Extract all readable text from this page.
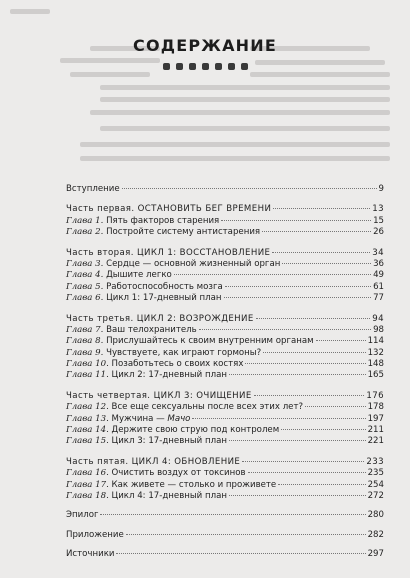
СОДЕРЖАНИЕ
Вступление	9
Часть первая. ОСТАНОВИТЬ БЕГ ВРЕМЕНИ	13
Глава 1. Пять факторов старения	15
Глава 2. Постройте систему антистарения	26
Часть вторая. ЦИКЛ 1: ВОССТАНОВЛЕНИЕ	34
Глава 3. Сердце — основной жизненный орган	36
Глава 4. Дышите легко	49
Глава 5. Работоспособность мозга	61
Глава 6. Цикл 1: 17-дневный план	77
Часть третья. ЦИКЛ 2: ВОЗРОЖДЕНИЕ	94
Глава 7. Ваш телохранитель	98
Глава 8. Прислушайтесь к своим внутренним органам	114
Глава 9. Чувствуете, как играют гормоны?	132
Глава 10. Позаботьтесь о своих костях	148
Глава 11. Цикл 2: 17-дневный план	165
Часть четвертая. ЦИКЛ 3: ОЧИЩЕНИЕ	176
Глава 12. Все еще сексуальны после всех этих лет?	178
Глава 13. Мужчина — Мачо	197
Глава 14. Держите свою струю под контролем	211
Глава 15. Цикл 3: 17-дневный план	221
Часть пятая. ЦИКЛ 4: ОБНОВЛЕНИЕ	233
Глава 16. Очистить воздух от токсинов	235
Глава 17. Как живете — столько и проживете	254
Глава 18. Цикл 4: 17-дневный план	272
Эпилог	280
Приложение	282
Источники	297
